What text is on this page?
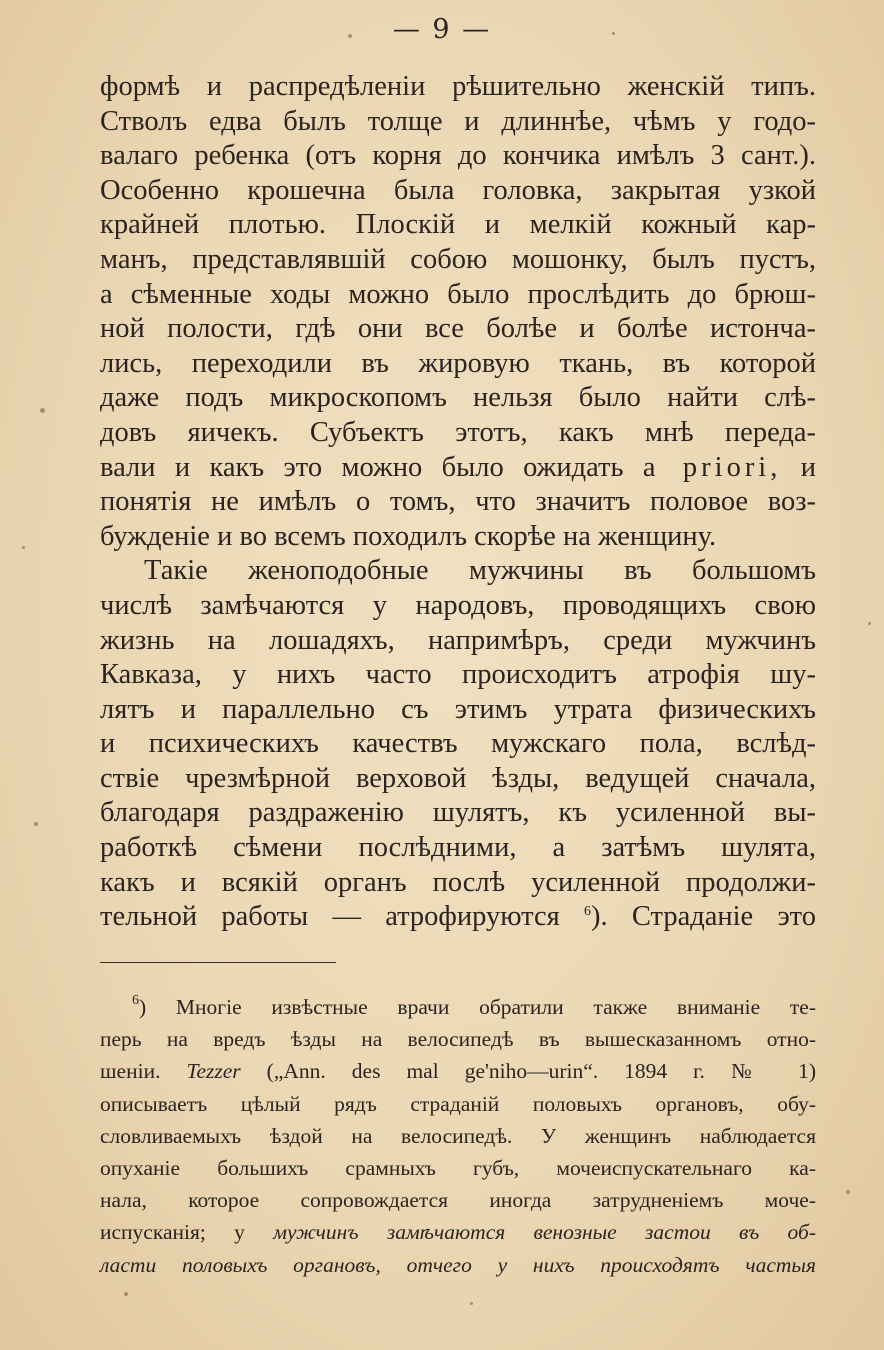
— 9 —
формѣ и распредѣленiи рѣшительно женскiй типъ.
Стволъ едва былъ толще и длиннѣе, чѣмъ у годо-
валаго ребенка (отъ корня до кончика имѣлъ 3 сант.).
Особенно крошечна была головка, закрытая узкой
крайней плотью. Плоскiй и мелкiй кожный кар-
манъ, представлявшiй собою мошонку, былъ пустъ,
а сѣменные ходы можно было прослѣдить до брюш-
ной полости, гдѣ они все болѣе и болѣе истонча-
лись, переходили въ жировую ткань, въ которой
даже подъ микроскопомъ нельзя было найти слѣ-
довъ яичекъ. Субъектъ этотъ, какъ мнѣ переда-
вали и какъ это можно было ожидать a priori, и
понятiя не имѣлъ о томъ, что значитъ половое воз-
бужденiе и во всемъ походилъ скорѣе на женщину.
Такiе женоподобные мужчины въ большомъ
числѣ замѣчаются у народовъ, проводящихъ свою
жизнь на лошадяхъ, напримѣръ, среди мужчинъ
Кавказа, у нихъ часто происходитъ атрофiя шу-
лятъ и параллельно съ этимъ утрата физическихъ
и психическихъ качествъ мужскаго пола, вслѣд-
ствiе чрезмѣрной верховой ѣзды, ведущей сначала,
благодаря раздраженiю шулятъ, къ усиленной вы-
работкѣ сѣмени послѣдними, а затѣмъ шулята,
какъ и всякiй органъ послѣ усиленной продолжи-
тельной работы — атрофируются $^6$). Страданiе это
$^6$) Многiе извѣстные врачи обратили также вниманiе те-
перь на вредъ ѣзды на велосипедѣ въ вышесказанномъ отно-
шенiи. Tezzer („Ann. des mal ge'niho—urin“. 1894 г. № 1)
описываетъ цѣлый рядъ страданiй половыхъ органовъ, обу-
словливаемыхъ ѣздой на велосипедѣ. У женщинъ наблюдается
опуханiе большихъ срамныхъ губъ, мочеиспускательнаго ка-
нала, которое сопровождается иногда затрудненiемъ моче-
испусканiя; у мужчинъ замѣчаются венозные застои въ об-
ласти половыхъ органовъ, отчего у нихъ происходятъ частыя
